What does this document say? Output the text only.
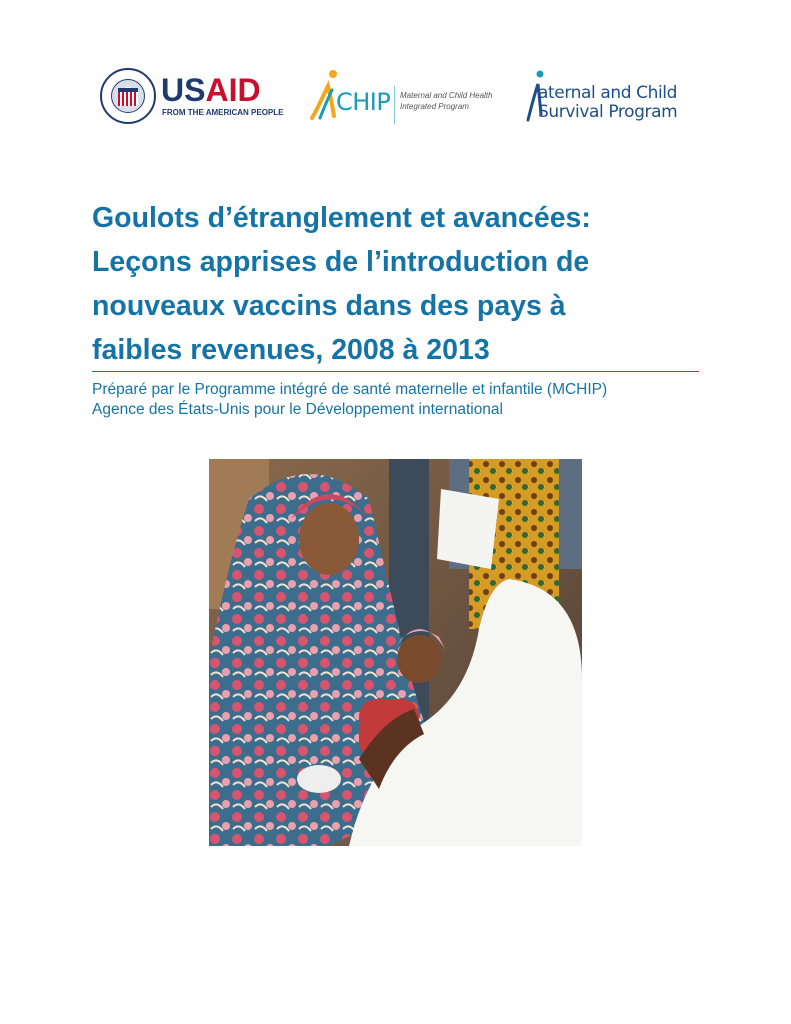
USAID
FROM THE AMERICAN PEOPLE CHIP Maternal and Child Health
Integrated Program
aternal and Child
Survival Program
Goulots d’étranglement et avancées:
Leçons apprises de l’introduction de
nouveaux vaccins dans des pays à
faibles revenues, 2008 à 2013
Préparé par le Programme intégré de santé maternelle et infantile (MCHIP)
Agence des États-Unis pour le Développement international
